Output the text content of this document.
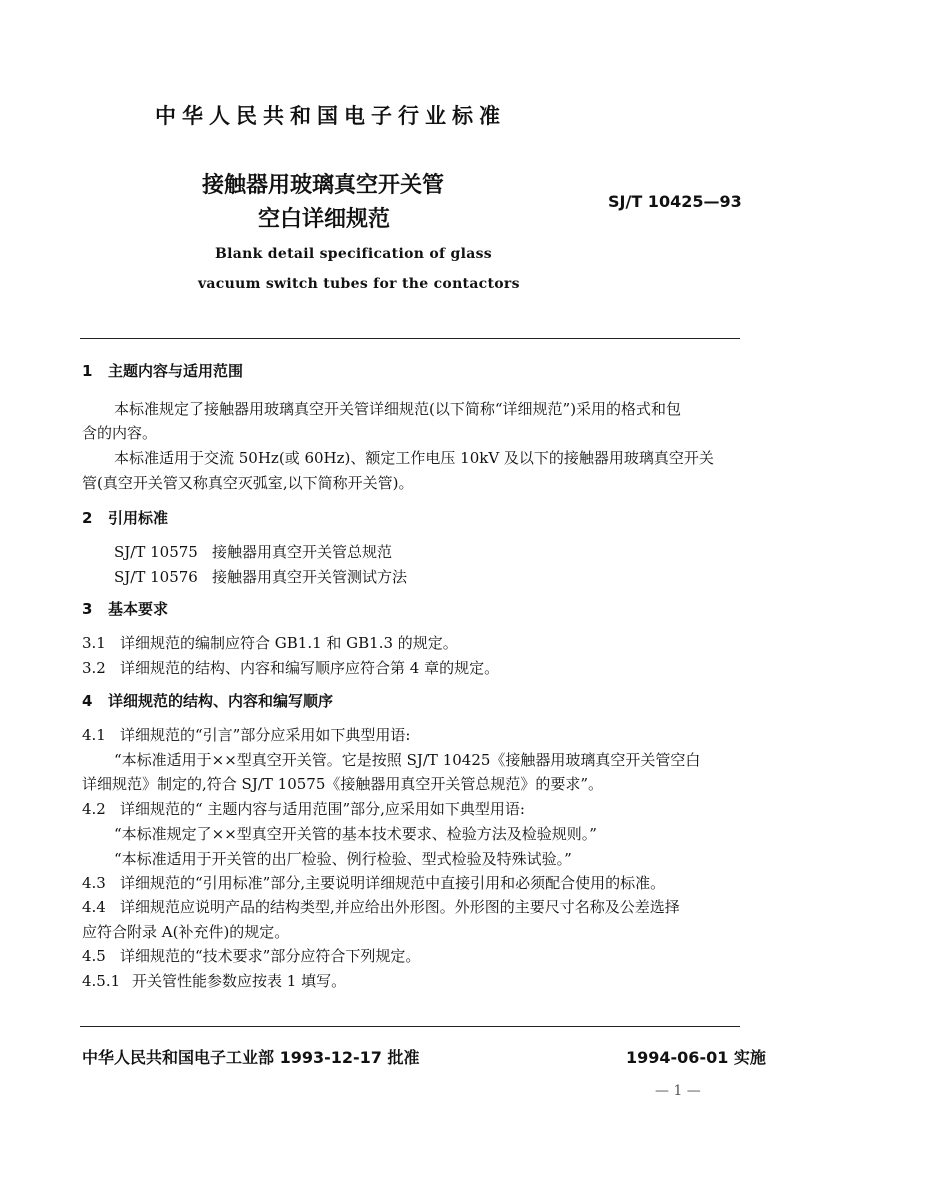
中华人民共和国电子行业标准
接触器用玻璃真空开关管
空白详细规范
SJ/T 10425—93
Blank detail specification of glass
vacuum switch tubes for the contactors
1 主题内容与适用范围
本标准规定了接触器用玻璃真空开关管详细规范(以下简称“详细规范”)采用的格式和包
含的内容。
本标准适用于交流 50Hz(或 60Hz)、额定工作电压 10kV 及以下的接触器用玻璃真空开关
管(真空开关管又称真空灭弧室,以下简称开关管)。
2 引用标准
SJ/T 10575 接触器用真空开关管总规范
SJ/T 10576 接触器用真空开关管测试方法
3 基本要求
3.1 详细规范的编制应符合 GB1.1 和 GB1.3 的规定。
3.2 详细规范的结构、内容和编写顺序应符合第 4 章的规定。
4 详细规范的结构、内容和编写顺序
4.1 详细规范的“引言”部分应采用如下典型用语:
“本标准适用于××型真空开关管。它是按照 SJ/T 10425《接触器用玻璃真空开关管空白
详细规范》制定的,符合 SJ/T 10575《接触器用真空开关管总规范》的要求”。
4.2 详细规范的“ 主题内容与适用范围”部分,应采用如下典型用语:
“本标准规定了××型真空开关管的基本技术要求、检验方法及检验规则。”
“本标准适用于开关管的出厂检验、例行检验、型式检验及特殊试验。”
4.3 详细规范的“引用标准”部分,主要说明详细规范中直接引用和必须配合使用的标准。
4.4 详细规范应说明产品的结构类型,并应给出外形图。外形图的主要尺寸名称及公差选择
应符合附录 A(补充件)的规定。
4.5 详细规范的“技术要求”部分应符合下列规定。
4.5.1 开关管性能参数应按表 1 填写。
中华人民共和国电子工业部 1993-12-17 批准	1994-06-01 实施
— 1 —
